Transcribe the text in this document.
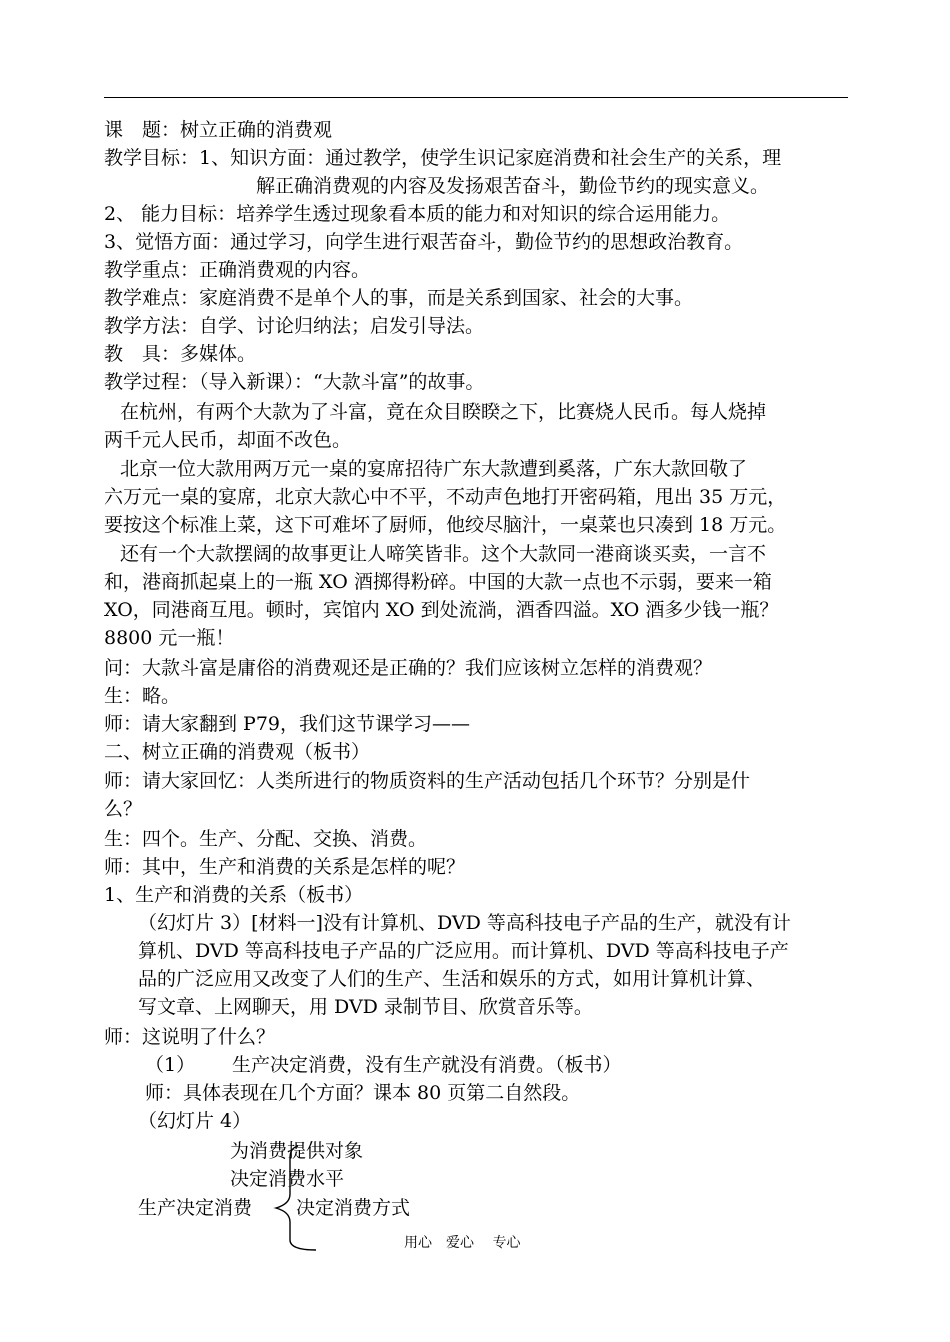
课　题：树立正确的消费观
教学目标：1、知识方面：通过教学，使学生识记家庭消费和社会生产的关系，理
解正确消费观的内容及发扬艰苦奋斗，勤俭节约的现实意义。
2、 能力目标：培养学生透过现象看本质的能力和对知识的综合运用能力。
3、觉悟方面：通过学习，向学生进行艰苦奋斗，勤俭节约的思想政治教育。
教学重点：正确消费观的内容。
教学难点：家庭消费不是单个人的事，而是关系到国家、社会的大事。
教学方法：自学、讨论归纳法；启发引导法。
教　具：多媒体。
教学过程：（导入新课）：“大款斗富”的故事。
在杭州，有两个大款为了斗富，竟在众目睽睽之下，比赛烧人民币。每人烧掉
两千元人民币，却面不改色。
北京一位大款用两万元一桌的宴席招待广东大款遭到奚落，广东大款回敬了
六万元一桌的宴席，北京大款心中不平，不动声色地打开密码箱，甩出 35 万元，
要按这个标准上菜，这下可难坏了厨师，他绞尽脑汁，一桌菜也只凑到 18 万元。
还有一个大款摆阔的故事更让人啼笑皆非。这个大款同一港商谈买卖，一言不
和，港商抓起桌上的一瓶 XO 酒掷得粉碎。中国的大款一点也不示弱，要来一箱
XO，同港商互甩。顿时，宾馆内 XO 到处流淌，酒香四溢。XO 酒多少钱一瓶？
8800 元一瓶！
问：大款斗富是庸俗的消费观还是正确的？我们应该树立怎样的消费观？
生：略。
师：请大家翻到 P79，我们这节课学习——
二、树立正确的消费观（板书）
师：请大家回忆：人类所进行的物质资料的生产活动包括几个环节？分别是什
么？
生：四个。生产、分配、交换、消费。
师：其中，生产和消费的关系是怎样的呢？
1、生产和消费的关系（板书）
（幻灯片 3）[材料一]没有计算机、DVD 等高科技电子产品的生产，就没有计
算机、DVD 等高科技电子产品的广泛应用。而计算机、DVD 等高科技电子产
品的广泛应用又改变了人们的生产、生活和娱乐的方式，如用计算机计算、
写文章、上网聊天，用 DVD 录制节目、欣赏音乐等。
师：这说明了什么？
（1） 生产决定消费，没有生产就没有消费。（板书）
师：具体表现在几个方面？课本 80 页第二自然段。
（幻灯片 4）
为消费提供对象
决定消费水平
生产决定消费 决定消费方式
用心　爱心　 专心
